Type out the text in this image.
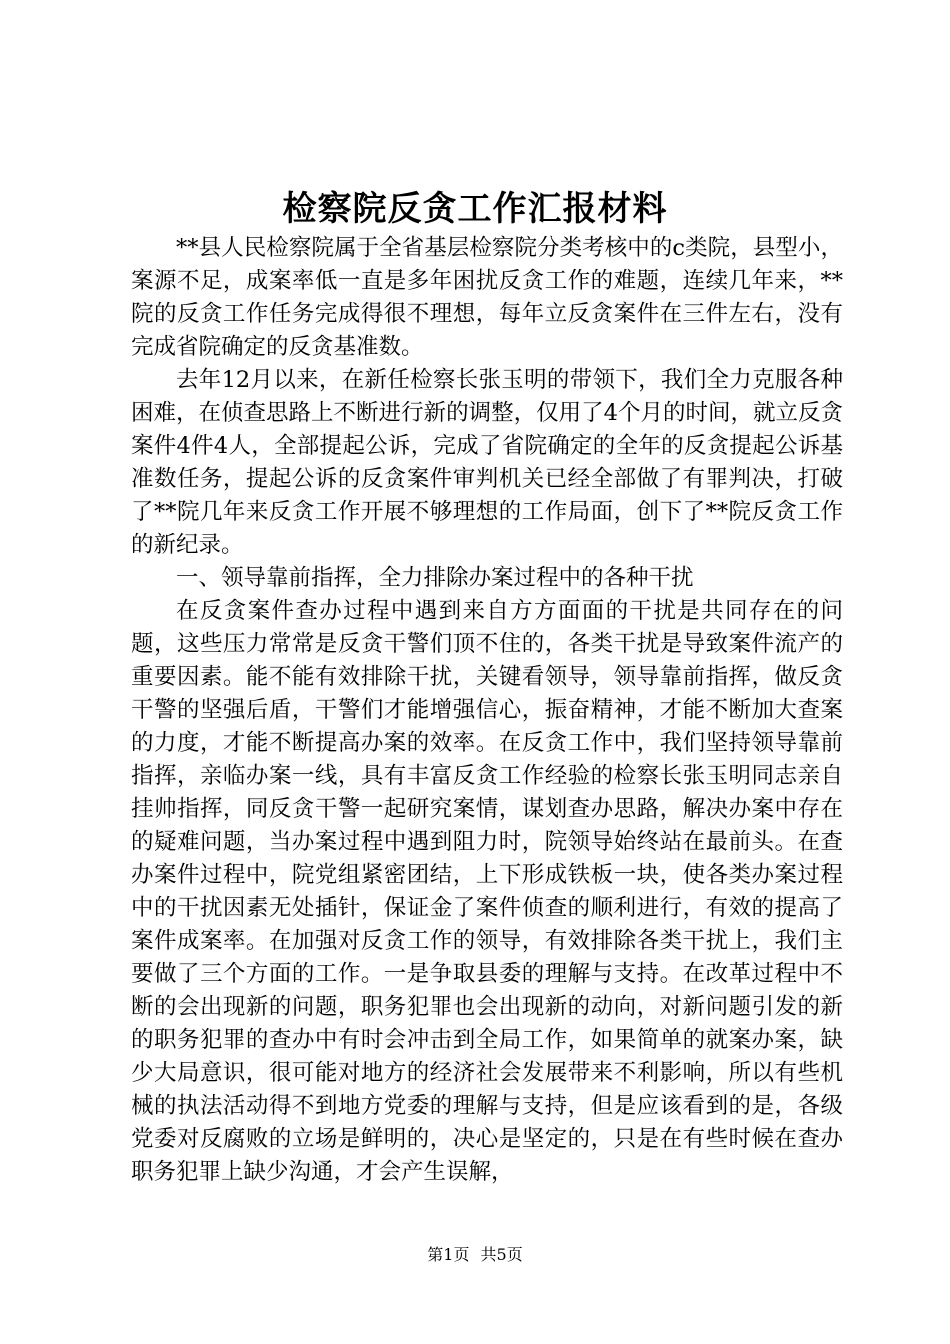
检察院反贪工作汇报材料

**县人民检察院属于全省基层检察院分类考核中的c类院，县型小，案源不足，成案率低一直是多年困扰反贪工作的难题，连续几年来，**院的反贪工作任务完成得很不理想，每年立反贪案件在三件左右，没有完成省院确定的反贪基准数。

去年12月以来，在新任检察长张玉明的带领下，我们全力克服各种困难，在侦查思路上不断进行新的调整，仅用了4个月的时间，就立反贪案件4件4人，全部提起公诉，完成了省院确定的全年的反贪提起公诉基准数任务，提起公诉的反贪案件审判机关已经全部做了有罪判决，打破了**院几年来反贪工作开展不够理想的工作局面，创下了**院反贪工作的新纪录。

一、领导靠前指挥，全力排除办案过程中的各种干扰

在反贪案件查办过程中遇到来自方方面面的干扰是共同存在的问题，这些压力常常是反贪干警们顶不住的，各类干扰是导致案件流产的重要因素。能不能有效排除干扰，关键看领导，领导靠前指挥，做反贪干警的坚强后盾，干警们才能增强信心，振奋精神，才能不断加大查案的力度，才能不断提高办案的效率。在反贪工作中，我们坚持领导靠前指挥，亲临办案一线，具有丰富反贪工作经验的检察长张玉明同志亲自挂帅指挥，同反贪干警一起研究案情，谋划查办思路，解决办案中存在的疑难问题，当办案过程中遇到阻力时，院领导始终站在最前头。在查办案件过程中，院党组紧密团结，上下形成铁板一块，使各类办案过程中的干扰因素无处插针，保证金了案件侦查的顺利进行，有效的提高了案件成案率。在加强对反贪工作的领导，有效排除各类干扰上，我们主要做了三个方面的工作。一是争取县委的理解与支持。在改革过程中不断的会出现新的问题，职务犯罪也会出现新的动向，对新问题引发的新的职务犯罪的查办中有时会冲击到全局工作，如果简单的就案办案，缺少大局意识，很可能对地方的经济社会发展带来不利影响，所以有些机械的执法活动得不到地方党委的理解与支持，但是应该看到的是，各级党委对反腐败的立场是鲜明的，决心是坚定的，只是在有些时候在查办职务犯罪上缺少沟通，才会产生误解，

第1页 共5页
